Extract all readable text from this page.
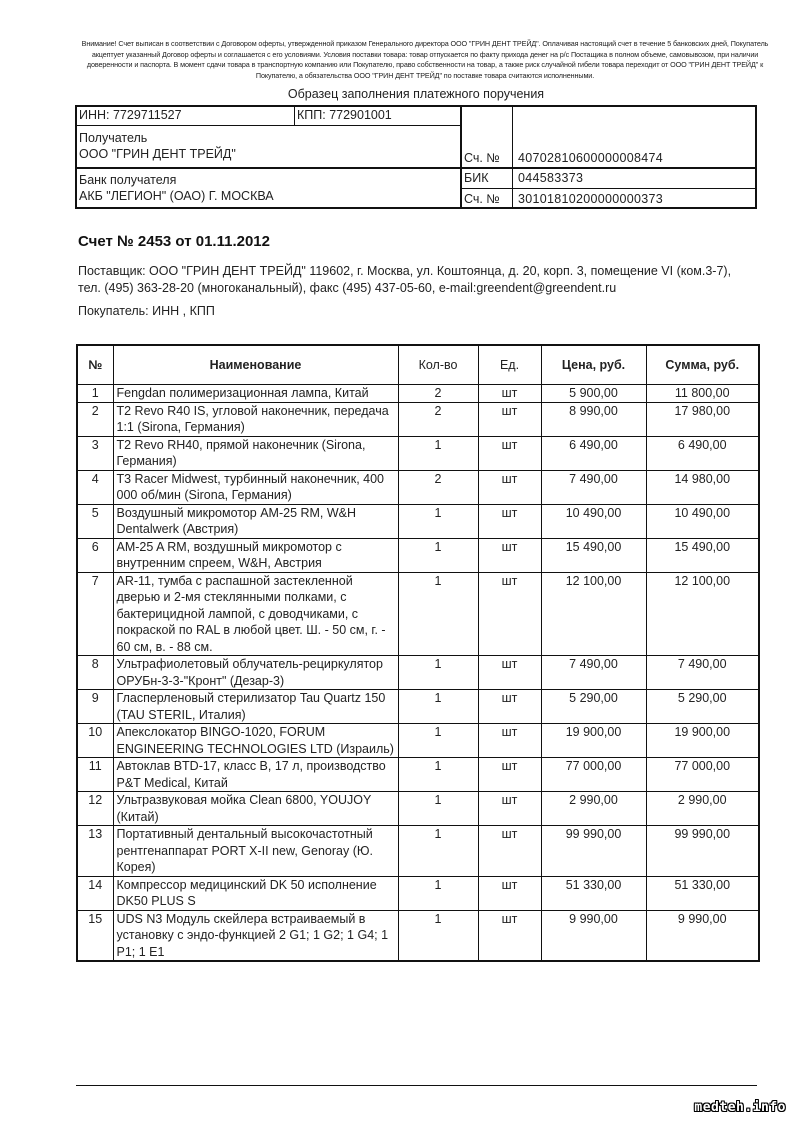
Внимание! Счет выписан в соответствии с Договором оферты, утвержденной приказом Генерального директора ООО "ГРИН ДЕНТ ТРЕЙД". Оплачивая настоящий счет в течение 5 банковских дней, Покупатель акцептует указанный Договор оферты и соглашается с его условиями. Условия поставки товара: товар отпускается по факту прихода денег на р/с Постащика в полном объеме, самовывозом, при наличии доверенности и паспорта. В момент сдачи товара в транспортную компанию или Покупателю, право собственности на товар, а также риск случайной гибели товара переходит от ООО "ГРИН ДЕНТ ТРЕЙД" к Покупателю, а обязательства ООО "ГРИН ДЕНТ ТРЕЙД" по поставке товара считаются исполненными.
Образец заполнения платежного поручения
ИНН: 7729711527	КПП: 772901001
Получатель
ООО "ГРИН ДЕНТ ТРЕЙД"	Сч. № 40702810600000008474
Банк получателя
АКБ "ЛЕГИОН" (ОАО) Г. МОСКВА
БИК 044583373
Сч. № 30101810200000000373
Счет № 2453 от 01.11.2012
Поставщик: ООО "ГРИН ДЕНТ ТРЕЙД" 119602, г. Москва, ул. Коштоянца, д. 20, корп. 3, помещение VI (ком.3-7), тел. (495) 363-28-20 (многоканальный), факс (495) 437-05-60, e-mail:greendent@greendent.ru
Покупатель: ИНН , КПП
№	Наименование	Кол-во	Ед.	Цена, руб.	Сумма, руб.
1	Fengdan полимеризационная лампа, Китай	2	шт	5 900,00	11 800,00
2	T2 Revo R40 IS, угловой наконечник, передача 1:1 (Sirona, Германия)	2	шт	8 990,00	17 980,00
3	T2 Revo RH40, прямой наконечник (Sirona, Германия)	1	шт	6 490,00	6 490,00
4	T3 Racer Midwest, турбинный наконечник, 400 000 об/мин (Sirona, Германия)	2	шт	7 490,00	14 980,00
5	Воздушный микромотор AM-25 RM, W&H Dentalwerk (Австрия)	1	шт	10 490,00	10 490,00
6	AM-25 A RM, воздушный микромотор с внутренним спреем, W&H, Австрия	1	шт	15 490,00	15 490,00
7	AR-11, тумба с распашной застекленной дверью и 2-мя стеклянными полками, с бактерицидной лампой, с доводчиками, с покраской по RAL в любой цвет. Ш. - 50 см, г. - 60 см, в. - 88 см.	1	шт	12 100,00	12 100,00
8	Ультрафиолетовый облучатель-рециркулятор ОРУБн-3-3-"Кронт" (Дезар-3)	1	шт	7 490,00	7 490,00
9	Гласперленовый стерилизатор Tau Quartz 150 (TAU STERIL, Италия)	1	шт	5 290,00	5 290,00
10	Апекслокатор BINGO-1020, FORUM ENGINEERING TECHNOLOGIES LTD (Израиль)	1	шт	19 900,00	19 900,00
11	Автоклав BTD-17, класс B, 17 л, производство P&T Medical, Китай	1	шт	77 000,00	77 000,00
12	Ультразвуковая мойка Clean 6800, YOUJOY (Китай)	1	шт	2 990,00	2 990,00
13	Портативный дентальный высокочастотный рентгенаппарат PORT X-II new, Genoray (Ю. Корея)	1	шт	99 990,00	99 990,00
14	Компрессор медицинский DK 50 исполнение DK50 PLUS S	1	шт	51 330,00	51 330,00
15	UDS N3 Модуль скейлера встраиваемый в установку с эндо-функцией 2 G1; 1 G2; 1 G4; 1 P1; 1 E1	1	шт	9 990,00	9 990,00
medteh.info
